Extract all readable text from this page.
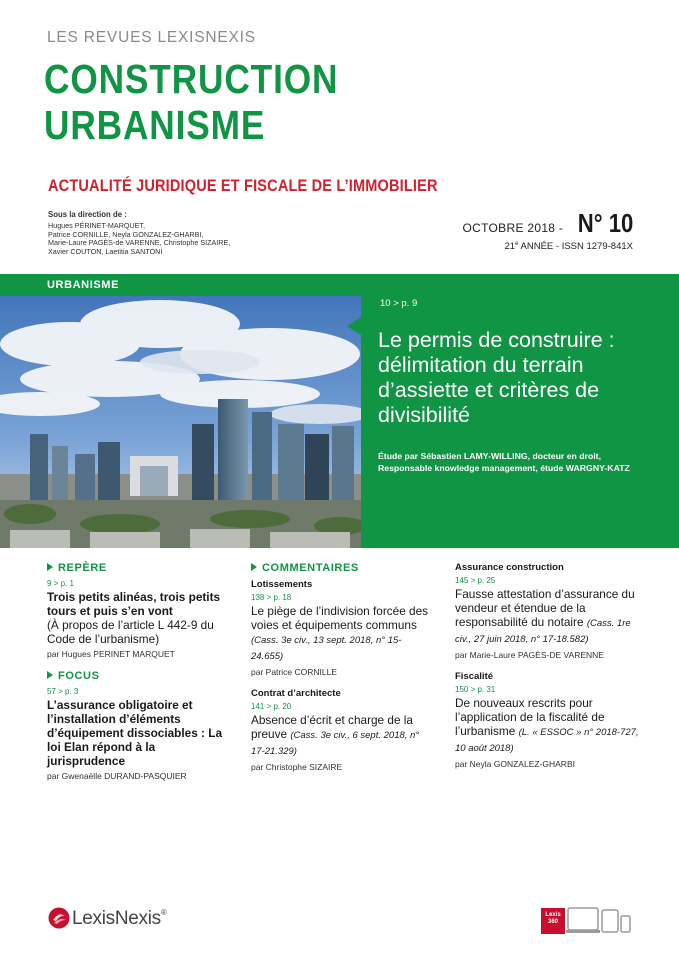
LES REVUES LEXISNEXIS
CONSTRUCTION
URBANISME
ACTUALITÉ JURIDIQUE ET FISCALE DE L’IMMOBILIER
Sous la direction de :
Hugues PÉRINET-MARQUET,
Patrice CORNILLE, Neyla GONZALEZ-GHARBI,
Marie-Laure PAGÈS-de VARENNE, Christophe SIZAIRE,
Xavier COUTON, Laetitia SANTONI
OCTOBRE 2018 - N° 10
21e ANNÉE - ISSN 1279-841X
URBANISME
10 > p. 9
Le permis de construire : délimitation du terrain d’assiette et critères de divisibilité
Étude par Sébastien LAMY-WILLING, docteur en droit,
Responsable knowledge management, étude WARGNY-KATZ
REPÈRE
9 > p. 1
Trois petits alinéas, trois petits tours et puis s’en vont
(À propos de l’article L 442-9 du Code de l’urbanisme)
par Hugues PERINET MARQUET
FOCUS
57 > p. 3
L’assurance obligatoire et l’installation d’éléments d’équipement dissociables : La loi Elan répond à la jurisprudence
par Gwenaëlle DURAND-PASQUIER
COMMENTAIRES
Lotissements
138 > p. 18
Le piège de l’indivision forcée des voies et équipements communs (Cass. 3e civ., 13 sept. 2018, n° 15-24.655)
par Patrice CORNILLE
Contrat d’architecte
141 > p. 20
Absence d’écrit et charge de la preuve (Cass. 3e civ., 6 sept. 2018, n° 17-21.329)
par Christophe SIZAIRE
Assurance construction
145 > p. 25
Fausse attestation d’assurance du vendeur et étendue de la responsabilité du notaire (Cass. 1re civ., 27 juin 2018, n° 17-18.582)
par Marie-Laure PAGÈS-DE VARENNE
Fiscalité
150 > p. 31
De nouveaux rescrits pour l’application de la fiscalité de l’urbanisme (L. « ESSOC » n° 2018-727, 10 août 2018)
par Neyla GONZALEZ-GHARBI
LexisNexis®	Lexis
360
